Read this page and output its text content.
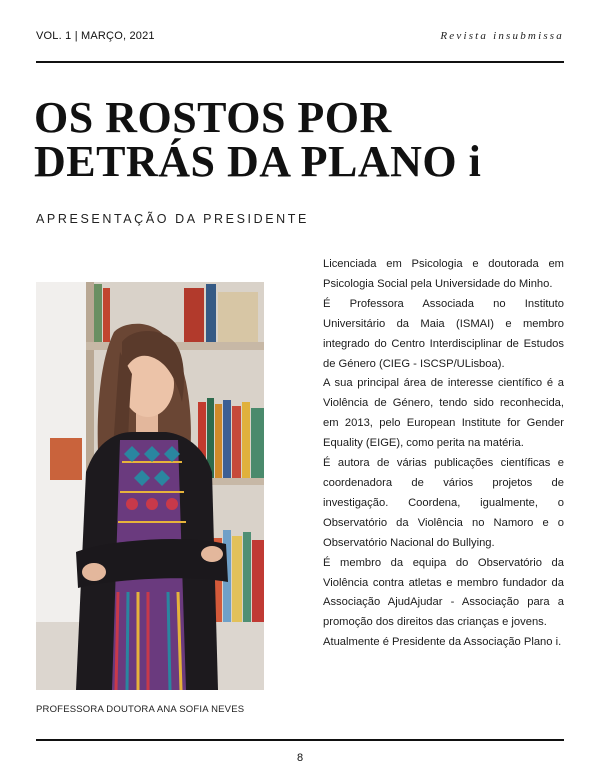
VOL. 1 | MARÇO, 2021	Revista insubmissa
OS ROSTOS POR
DETRÁS DA PLANO i
APRESENTAÇÃO DA PRESIDENTE
PROFESSORA DOUTORA ANA SOFIA NEVES

Licenciada em Psicologia e doutorada em Psicologia Social pela Universidade do Minho.

É Professora Associada no Instituto Universitário da Maia (ISMAI) e membro integrado do Centro Interdisciplinar de Estudos de Género (CIEG - ISCSP/ULisboa).

A sua principal área de interesse científico é a Violência de Género, tendo sido reconhecida, em 2013, pelo European Institute for Gender Equality (EIGE), como perita na matéria.

É autora de várias publicações científicas e coordenadora de vários projetos de investigação. Coordena, igualmente, o Observatório da Violência no Namoro e o Observatório Nacional do Bullying.

É membro da equipa do Observatório da Violência contra atletas e membro fundador da Associação AjudAjudar - Associação para a promoção dos direitos das crianças e jovens.

Atualmente é Presidente da Associação Plano i.

8
